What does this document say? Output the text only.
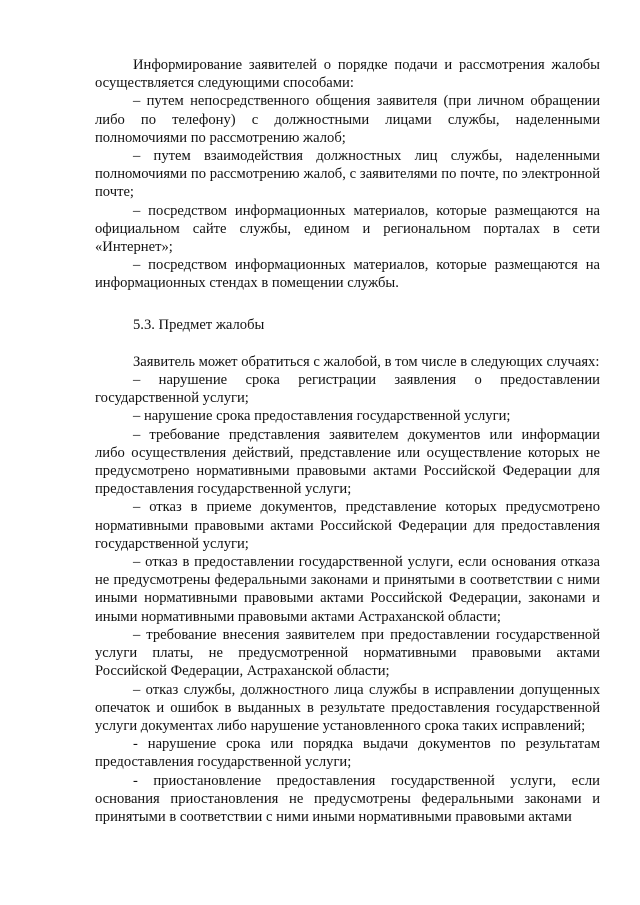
Информирование заявителей о порядке подачи и рассмотрения жалобы осуществляется следующими способами:

– путем непосредственного общения заявителя (при личном обращении либо по телефону) с должностными лицами службы, наделенными полномочиями по рассмотрению жалоб;

– путем взаимодействия должностных лиц службы, наделенными полномочиями по рассмотрению жалоб, с заявителями по почте, по электронной почте;

– посредством информационных материалов, которые размещаются на официальном сайте службы, едином и региональном порталах в сети «Интернет»;

– посредством информационных материалов, которые размещаются на информационных стендах в помещении службы.

5.3. Предмет жалобы

Заявитель может обратиться с жалобой, в том числе в следующих случаях:

– нарушение срока регистрации заявления о предоставлении государственной услуги;

– нарушение срока предоставления государственной услуги;

– требование представления заявителем документов или информации либо осуществления действий, представление или осуществление которых не предусмотрено нормативными правовыми актами Российской Федерации для предоставления государственной услуги;

– отказ в приеме документов, представление которых предусмотрено нормативными правовыми актами Российской Федерации для предоставления государственной услуги;

– отказ в предоставлении государственной услуги, если основания отказа не предусмотрены федеральными законами и принятыми в соответствии с ними иными нормативными правовыми актами Российской Федерации, законами и иными нормативными правовыми актами Астраханской области;

– требование внесения заявителем при предоставлении государственной услуги платы, не предусмотренной нормативными правовыми актами Российской Федерации, Астраханской области;

– отказ службы, должностного лица службы в исправлении допущенных опечаток и ошибок в выданных в результате предоставления государственной услуги документах либо нарушение установленного срока таких исправлений;

- нарушение срока или порядка выдачи документов по результатам предоставления государственной услуги;

- приостановление предоставления государственной услуги, если основания приостановления не предусмотрены федеральными законами и принятыми в соответствии с ними иными нормативными правовыми актами
